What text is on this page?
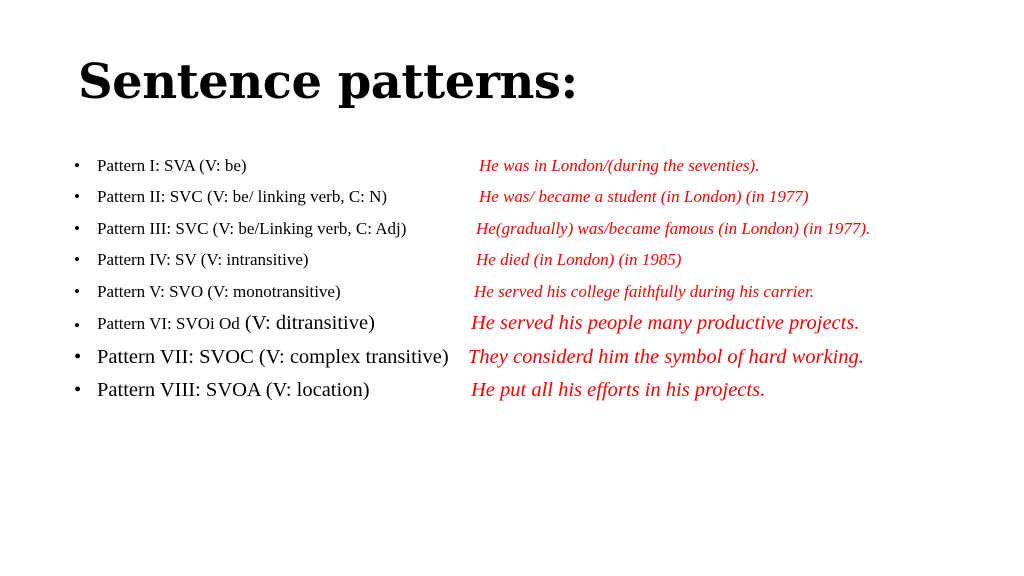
Sentence patterns:
• Pattern I: SVA (V: be)	He was in London/(during the seventies).
• Pattern II: SVC (V: be/ linking verb, C: N)	He was/ became a student (in London) (in 1977)
• Pattern III: SVC (V: be/Linking verb, C: Adj)	He(gradually) was/became famous (in London) (in 1977).
• Pattern IV: SV (V: intransitive)	He died (in London) (in 1985)
• Pattern V: SVO (V: monotransitive)	He served his college faithfully during his carrier.
• Pattern VI: SVOi Od (V: ditransitive)	He served his people many productive projects.
• Pattern VII: SVOC (V: complex transitive) They considerd him the symbol of hard working.
• Pattern VIII: SVOA (V: location)	He put all his efforts in his projects.
